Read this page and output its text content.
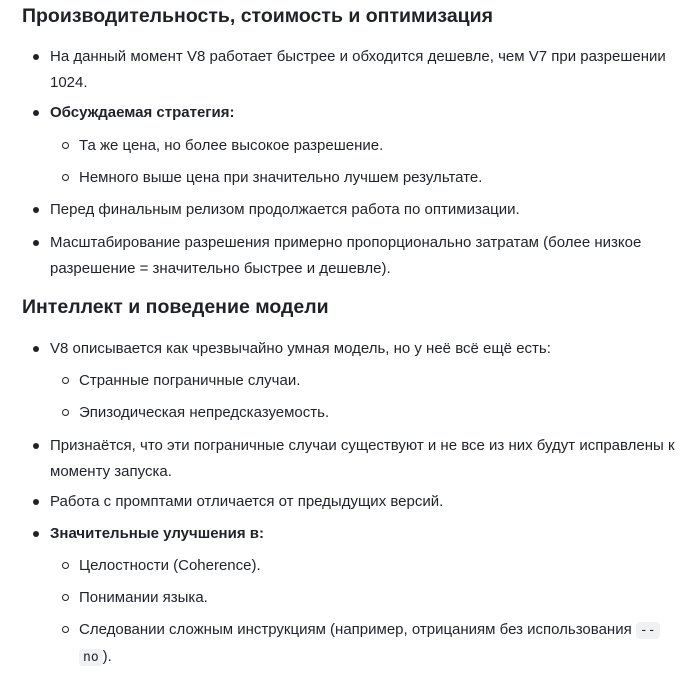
Производительность, стоимость и оптимизация
На данный момент V8 работает быстрее и обходится дешевле, чем V7 при разрешении 1024.
Обсуждаемая стратегия:
Та же цена, но более высокое разрешение.
Немного выше цена при значительно лучшем результате.
Перед финальным релизом продолжается работа по оптимизации.
Масштабирование разрешения примерно пропорционально затратам (более низкое разрешение = значительно быстрее и дешевле).
Интеллект и поведение модели
V8 описывается как чрезвычайно умная модель, но у неё всё ещё есть:
Странные пограничные случаи.
Эпизодическая непредсказуемость.
Признаётся, что эти пограничные случаи существуют и не все из них будут исправлены к моменту запуска.
Работа с промптами отличается от предыдущих версий.
Значительные улучшения в:
Целостности (Coherence).
Понимании языка.
Следовании сложным инструкциям (например, отрицаниям без использования -- no ).
